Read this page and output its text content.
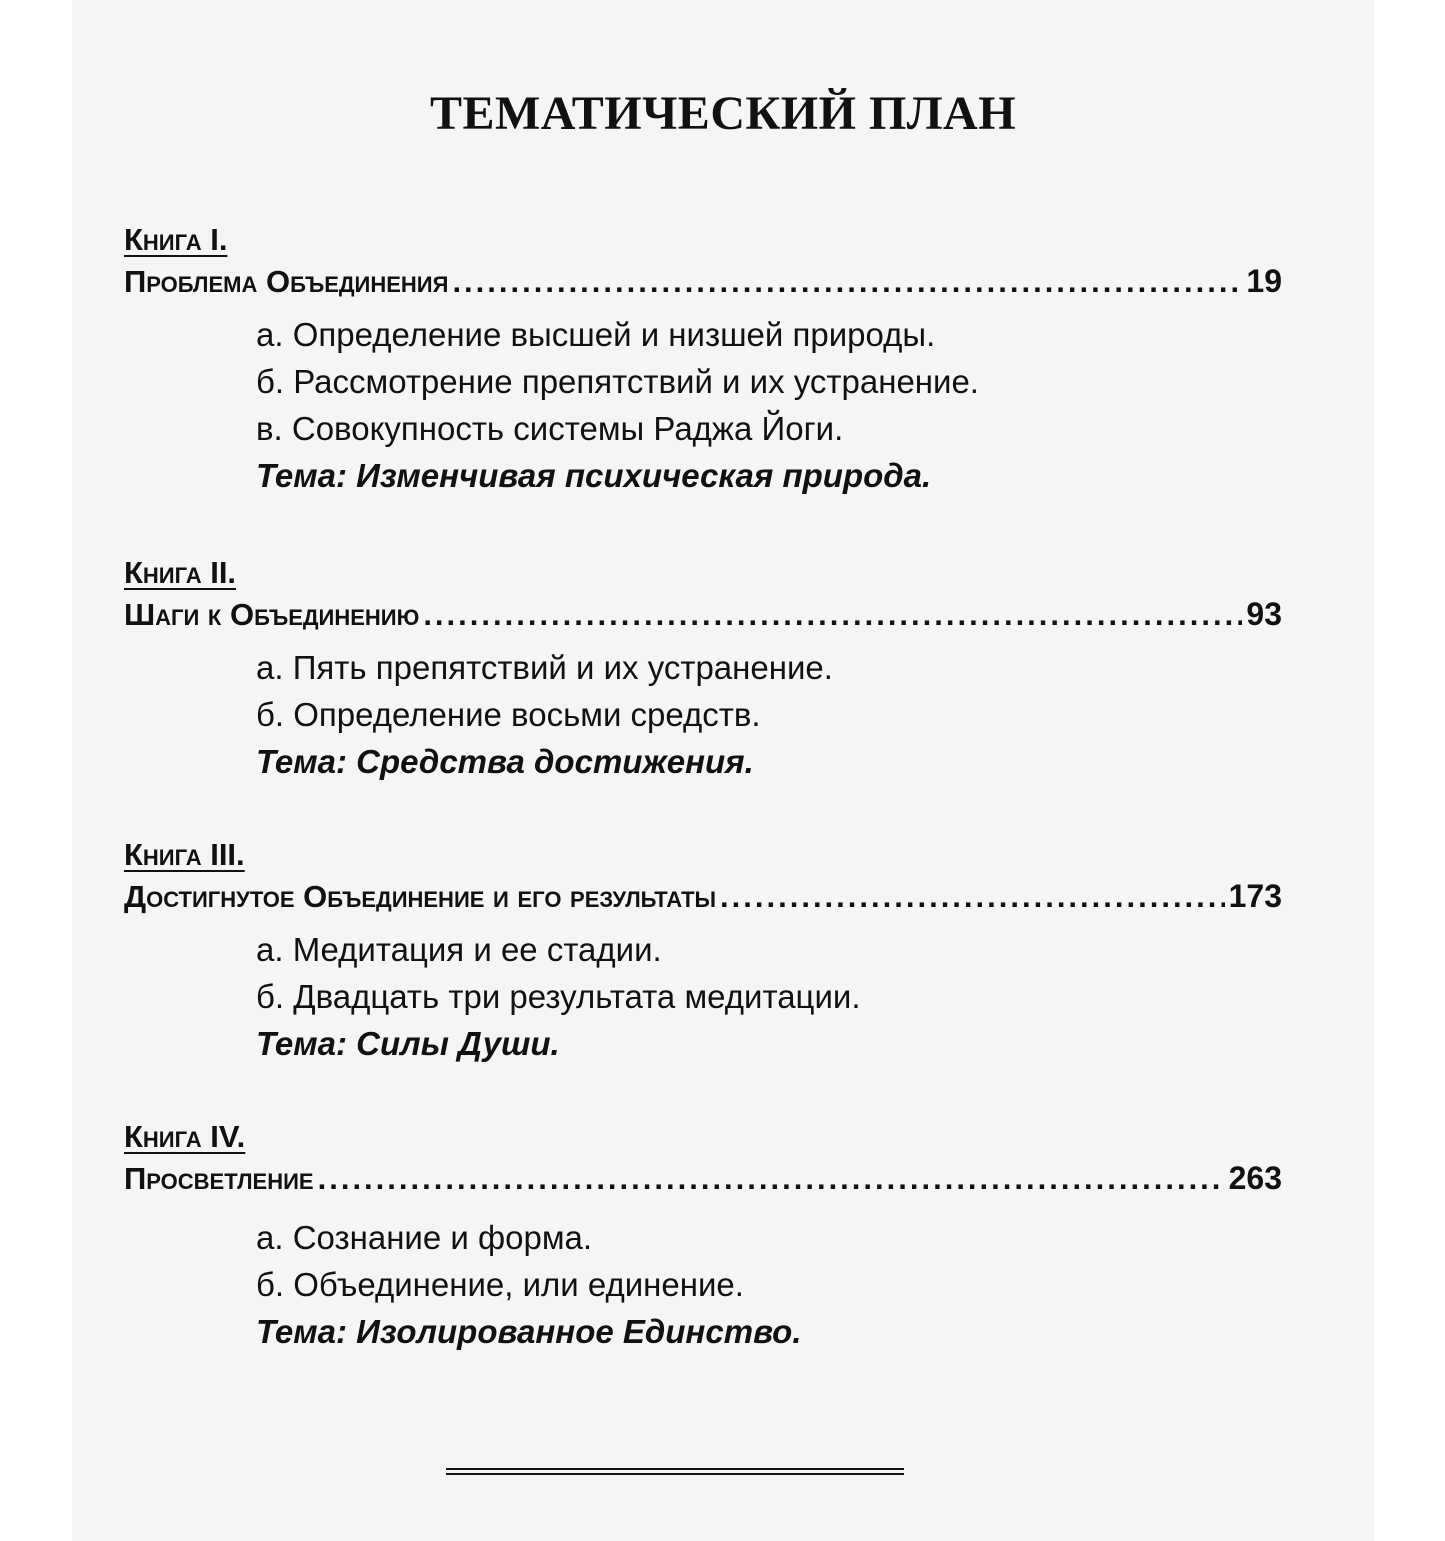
ТЕМАТИЧЕСКИЙ ПЛАН
Книга I.
Проблема Объединения .....	19
а. Определение высшей и низшей природы.
б. Рассмотрение препятствий и их устранение.
в. Совокупность системы Раджа Йоги.
Тема: Изменчивая психическая природа.
Книга II.
Шаги к Объединению .....	93
а. Пять препятствий и их устранение.
б. Определение восьми средств.
Тема: Средства достижения.
Книга III.
Достигнутое Объединение и его результаты .....	173
а. Медитация и ее стадии.
б. Двадцать три результата медитации.
Тема: Силы Души.
Книга IV.
Просветление .....	263
а. Сознание и форма.
б. Объединение, или единение.
Тема: Изолированное Единство.
